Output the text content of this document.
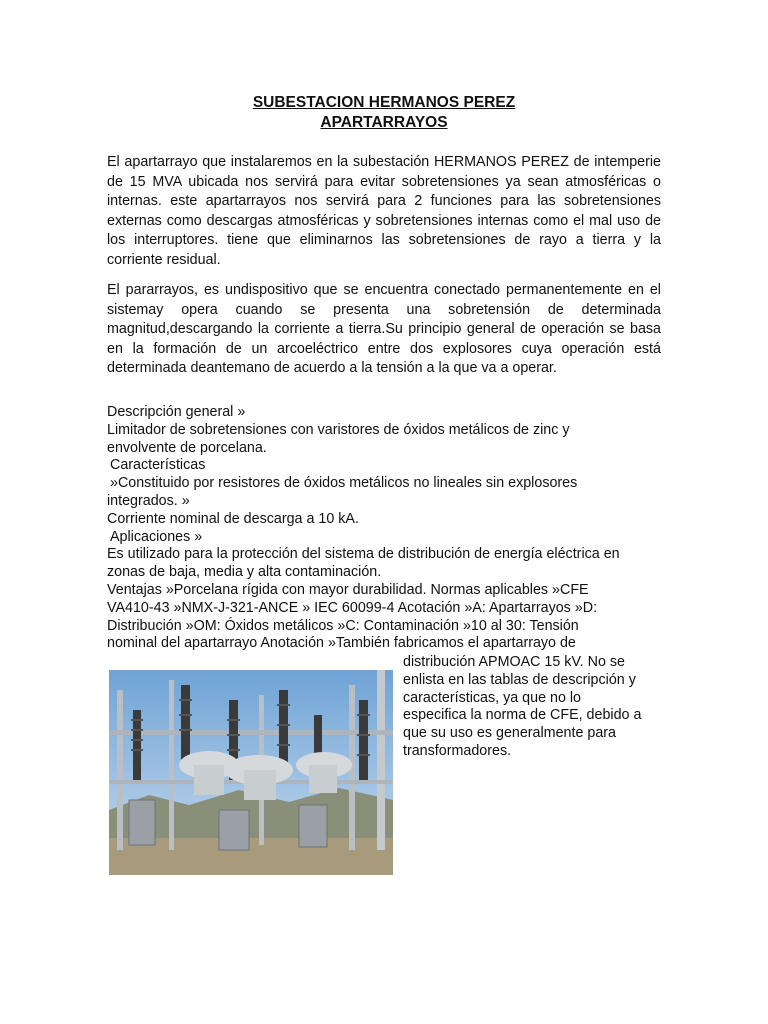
SUBESTACION HERMANOS PEREZ
APARTARRAYOS

El apartarrayo que instalaremos en la subestación HERMANOS PEREZ de intemperie de 15 MVA ubicada nos servirá para evitar sobretensiones ya sean atmosféricas o internas. este apartarrayos nos servirá para 2 funciones para las sobretensiones externas como descargas atmosféricas y sobretensiones internas como el mal uso de los interruptores. tiene que eliminarnos las sobretensiones de rayo a tierra y la corriente residual.

El pararrayos, es undispositivo que se encuentra conectado permanentemente en el sistemay opera cuando se presenta una sobretensión de determinada magnitud,descargando la corriente a tierra.Su principio general de operación se basa en la formación de un arcoeléctrico entre dos explosores cuya operación está determinada deantemano de acuerdo a la tensión a la que va a operar.

Descripción general »
Limitador de sobretensiones con varistores de óxidos metálicos de zinc y
envolvente de porcelana.
Características
»Constituido por resistores de óxidos metálicos no lineales sin explosores
integrados. »
Corriente nominal de descarga a 10 kA.
Aplicaciones »
Es utilizado para la protección del sistema de distribución de energía eléctrica en
zonas de baja, media y alta contaminación.
Ventajas »Porcelana rígida con mayor durabilidad. Normas aplicables »CFE
VA410-43 »NMX-J-321-ANCE » IEC 60099-4 Acotación »A: Apartarrayos »D:
Distribución »OM: Óxidos metálicos »C: Contaminación »10 al 30: Tensión
nominal del apartarrayo Anotación »También fabricamos el apartarrayo de
distribución APMOAC 15 kV. No se
enlista en las tablas de descripción y
características, ya que no lo
especifica la norma de CFE, debido a
que su uso es generalmente para
transformadores.
